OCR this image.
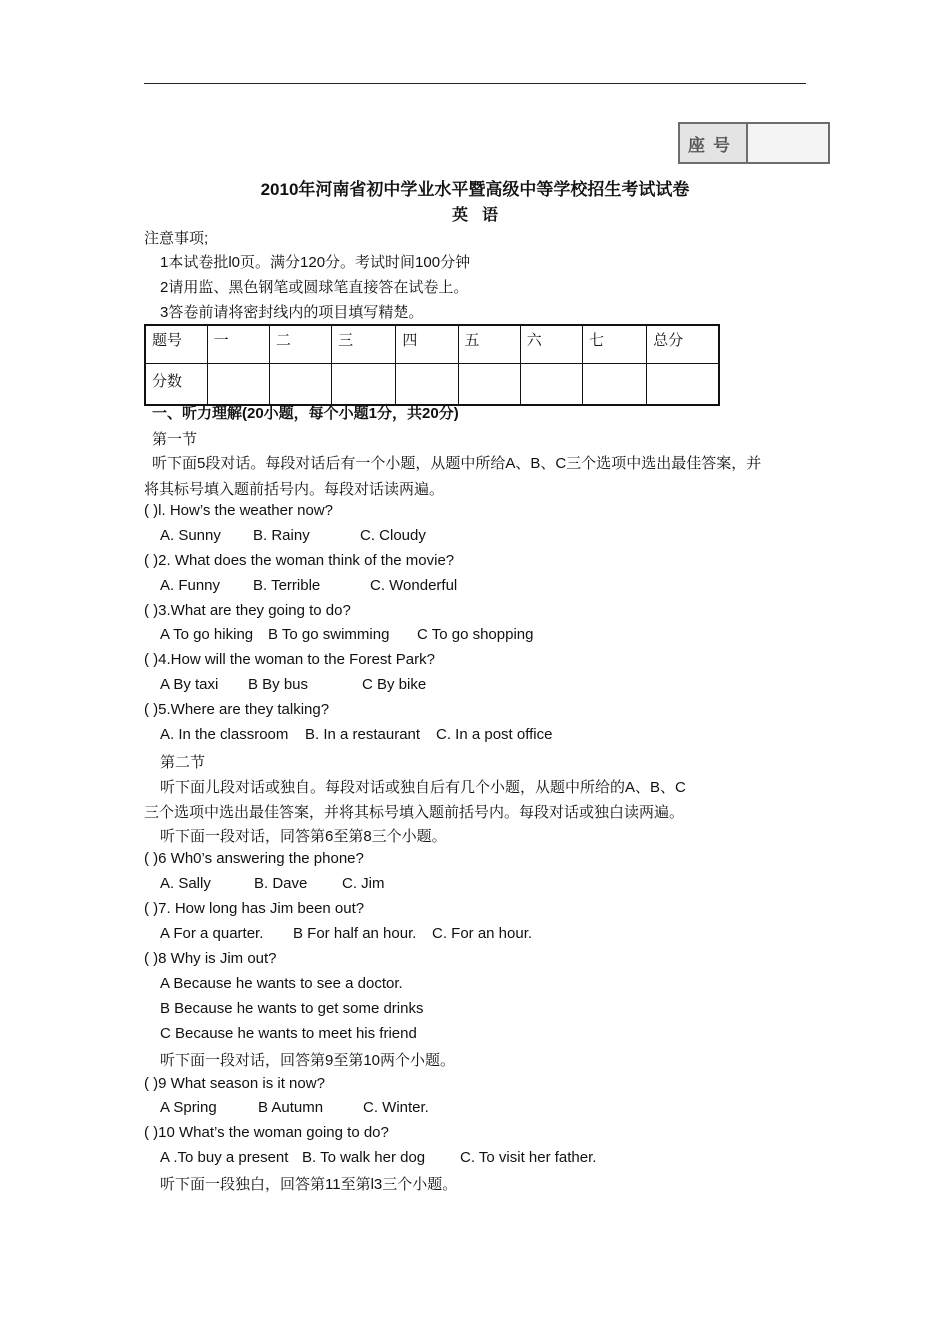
座号
2010年河南省初中学业水平暨高级中等学校招生考试试卷
英语
注意事项;
1本试卷批l0页。满分120分。考试时间100分钟
2请用监、黑色钢笔或圆球笔直接答在试卷上。
3答卷前请将密封线内的项目填写精楚。
题号	一	二	三	四	五	六	七	总分
分数								
一、听力理解(20小题，每个小题1分，共20分)
第一节
听下面5段对话。每段对话后有一个小题，从题中所给A、B、C三个选项中选出最佳答案，并
将其标号填入题前括号内。每段对话读两遍。
( )l. How’s the weather now?
A. Sunny B. Rainy	C. Cloudy
( )2. What does the woman think of the movie?
A. Funny B. Terrible	C. Wonderful
( )3.What are they going to do?
A To go hiking B To go swimming C To go shopping
( )4.How will the woman to the Forest Park?
A By taxi B By bus	C By bike
( )5.Where are they talking?
A. In the classroom B. In a restaurant C. In a post office
第二节
听下面儿段对话或独自。每段对话或独自后有几个小题，从题中所给的A、B、C
三个选项中选出最佳答案，并将其标号填入题前括号内。每段对话或独白读两遍。
听下面一段对话，同答第6至第8三个小题。
( )6 Wh0’s answering the phone?
A. Sally	B. Dave C. Jim
( )7. How long has Jim been out?
A For a quarter. B For half an hour. C. For an hour.
( )8 Why is Jim out?
A Because he wants to see a doctor.
B Because he wants to get some drinks
C Because he wants to meet his friend
听下面一段对话，回答第9至第10两个小题。
( )9 What season is it now?
A Spring	B Autumn	C. Winter.
( )10 What’s the woman going to do?
A .To buy a present B. To walk her dog C. To visit her father.
听下面一段独白，回答第11至第l3三个小题。
